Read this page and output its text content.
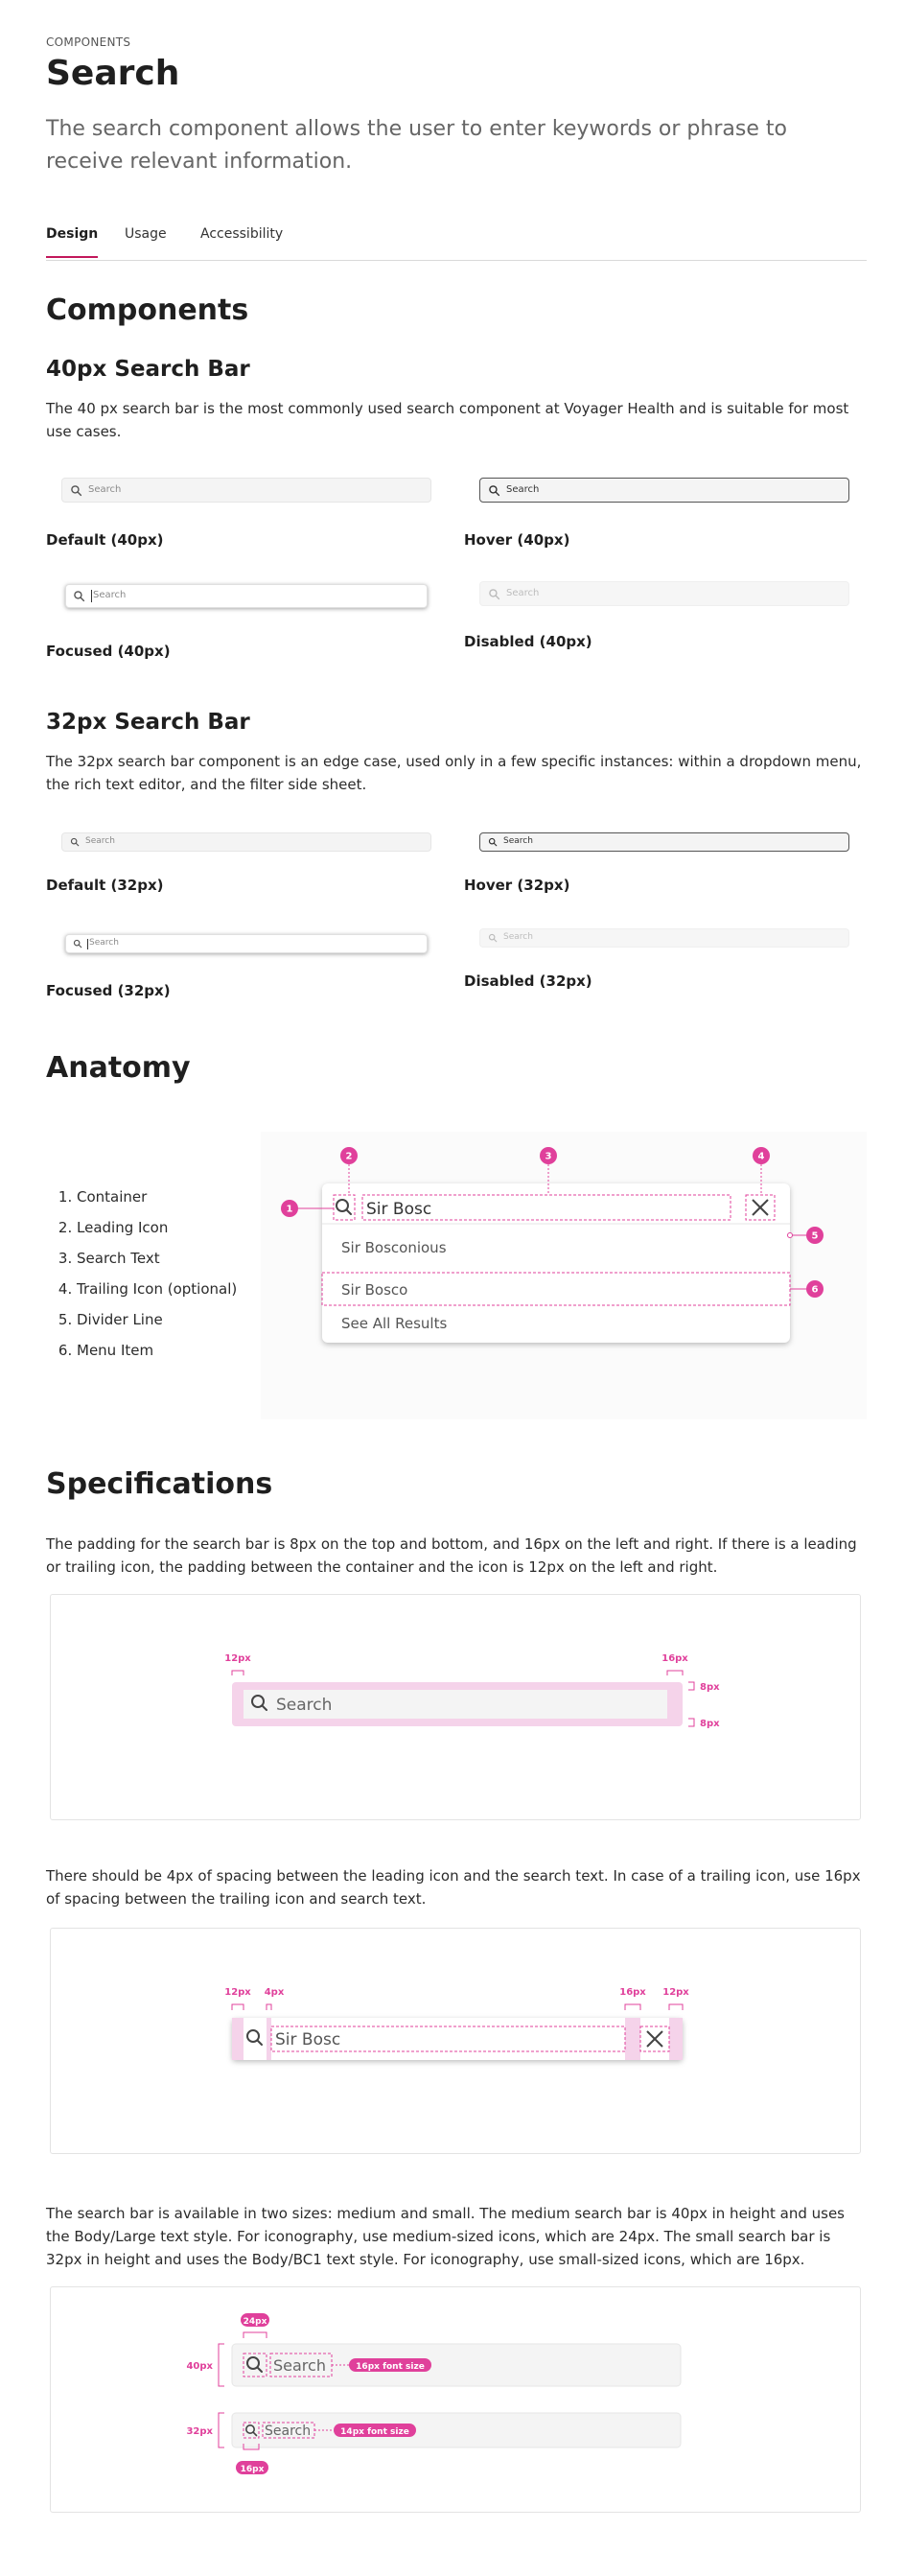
COMPONENTS
Search
The search component allows the user to enter keywords or phrase to receive relevant information.
Design Usage	Accessibility
Components
40px Search Bar
The 40 px search bar is the most commonly used search component at Voyager Health and is suitable for most use cases.
Search
Default (40px)
Search
Hover (40px)
Search
Focused (40px)
Search
Disabled (40px)
32px Search Bar
The 32px search bar component is an edge case, used only in a few specific instances: within a dropdown menu, the rich text editor, and the filter side sheet.
Search
Default (32px)
Search
Hover (32px)
Search
Focused (32px)
Search
Disabled (32px)
Anatomy
1. Container
2. Leading Icon
3. Search Text
4. Trailing Icon (optional)
5. Divider Line
6. Menu Item
1
2	3	4
5
6
Sir Bosc
Sir Bosconious
Sir Bosco
See All Results
Specifications
The padding for the search bar is 8px on the top and bottom, and 16px on the left and right. If there is a leading or trailing icon, the padding between the container and the icon is 12px on the left and right.
Search
12px	16px
8px
8px
There should be 4px of spacing between the leading icon and the search text. In case of a trailing icon, use 16px of spacing between the trailing icon and search text.
Sir Bosc
12px 4px	16px 12px
The search bar is available in two sizes: medium and small. The medium search bar is 40px in height and uses the Body/Large text style. For iconography, use medium-sized icons, which are 24px. The small search bar is 32px in height and uses the Body/BC1 text style. For iconography, use small-sized icons, which are 16px.
Search
40px
24px
16px font size
Search
32px
16px
14px font size
